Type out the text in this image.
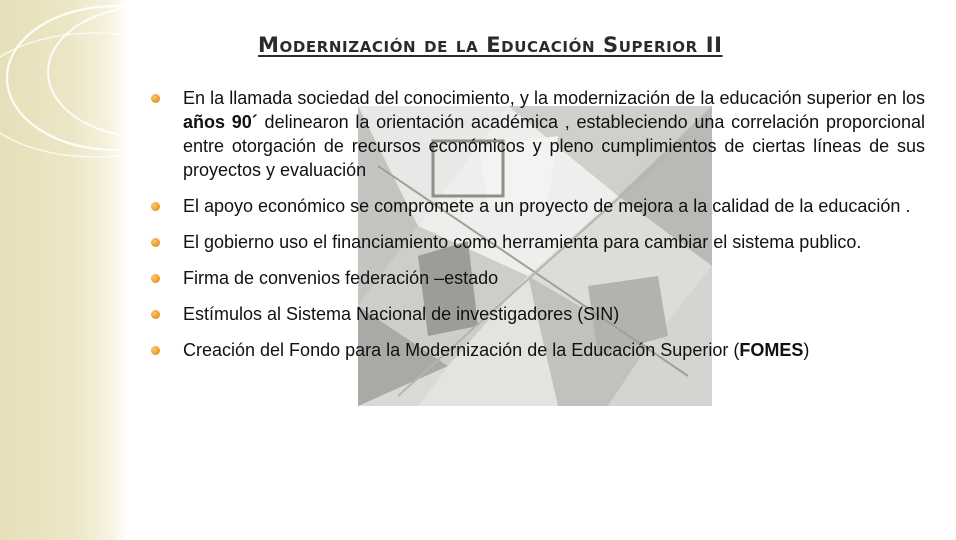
Modernización de la Educación Superior II
En la llamada sociedad del conocimiento, y la modernización de la educación superior en los años 90´ delinearon la orientación académica , estableciendo una correlación proporcional entre otorgación de recursos económicos y pleno cumplimientos de ciertas líneas de sus proyectos y evaluación
El apoyo económico se compromete a un proyecto de mejora a la calidad de la educación .
El gobierno uso el financiamiento como herramienta para cambiar el sistema publico.
Firma de convenios federación –estado
Estímulos al Sistema Nacional de investigadores (SIN)
Creación del Fondo para la Modernización de la Educación Superior (FOMES)
